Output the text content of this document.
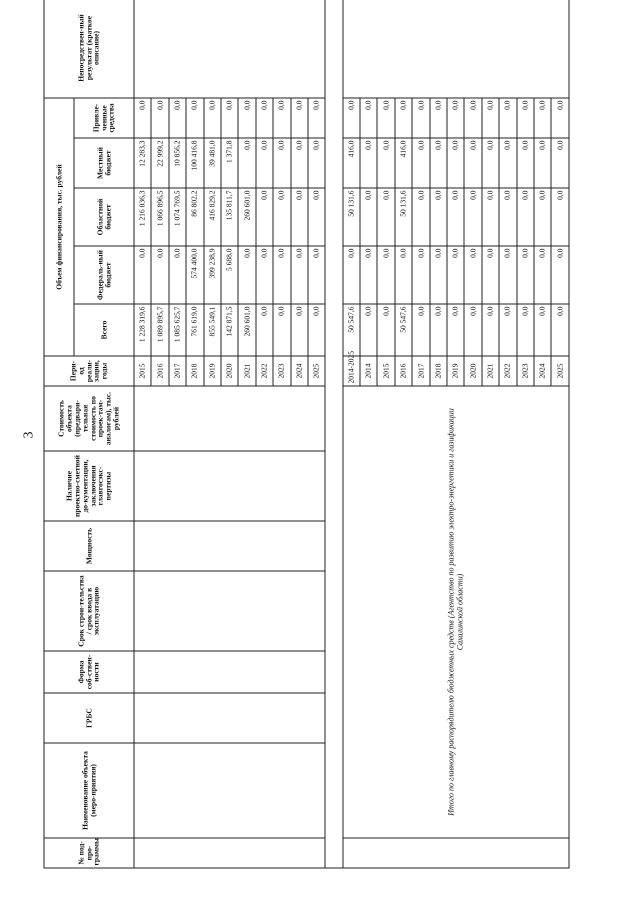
3
№ под-про-граммы	Наименование объекта (меро-приятия)	ГРБС	Форма соб-ствен-ности	Срок строи-тельства / срок ввода в эксплуатацию	Мощность	Наличие проектно-сметной до-кументации, заключения главгосэкс-пертизы	Стоимость объекта (предвари-тельная стоимость по проек-там-аналогам), тыс. рублей	Пери-од реали-зации, годы	Объем финансирования, тыс. рублей					Непосредствен-ный результат (краткое описание)
									Всего	Федераль-ный бюджет	Областной бюджет	Местный бюджет	Привле-ченные средства	
								2015	1 228 319,6	0,0	1 216 036,3	12 283,3	0,0	
								2016	1 089 895,7	0,0	1 066 896,5	22 999,2	0,0	
								2017	1 085 625,7	0,0	1 074 769,5	10 856,2	0,0	
								2018	761 619,0	574 400,0	86 802,2	100 416,8	0,0	
								2019	855 549,1	399 238,9	416 829,2	39 481,0	0,0	
								2020	142 871,5	5 688,0	135 811,7	1 371,8	0,0	
								2021	260 601,0	0,0	260 601,0	0,0	0,0	
								2022	0,0	0,0	0,0	0,0	0,0	
								2023	0,0	0,0	0,0	0,0	0,0	
								2024	0,0	0,0	0,0	0,0	0,0	
								2025	0,0	0,0	0,0	0,0	0,0	

	Итого по главному распорядителю бюджетных средств (Агентство по развитию электро-энергетики и газификации Сахалинской области)							2014-2025	50 547,6	0,0	50 131,6	416,0	0,0	
								2014	0,0	0,0	0,0	0,0	0,0	
								2015	0,0	0,0	0,0	0,0	0,0	
								2016	50 547,6	0,0	50 131,6	416,0	0,0	
								2017	0,0	0,0	0,0	0,0	0,0	
								2018	0,0	0,0	0,0	0,0	0,0	
								2019	0,0	0,0	0,0	0,0	0,0	
								2020	0,0	0,0	0,0	0,0	0,0	
								2021	0,0	0,0	0,0	0,0	0,0	
								2022	0,0	0,0	0,0	0,0	0,0	
								2023	0,0	0,0	0,0	0,0	0,0	
								2024	0,0	0,0	0,0	0,0	0,0	
								2025	0,0	0,0	0,0	0,0	0,0	
